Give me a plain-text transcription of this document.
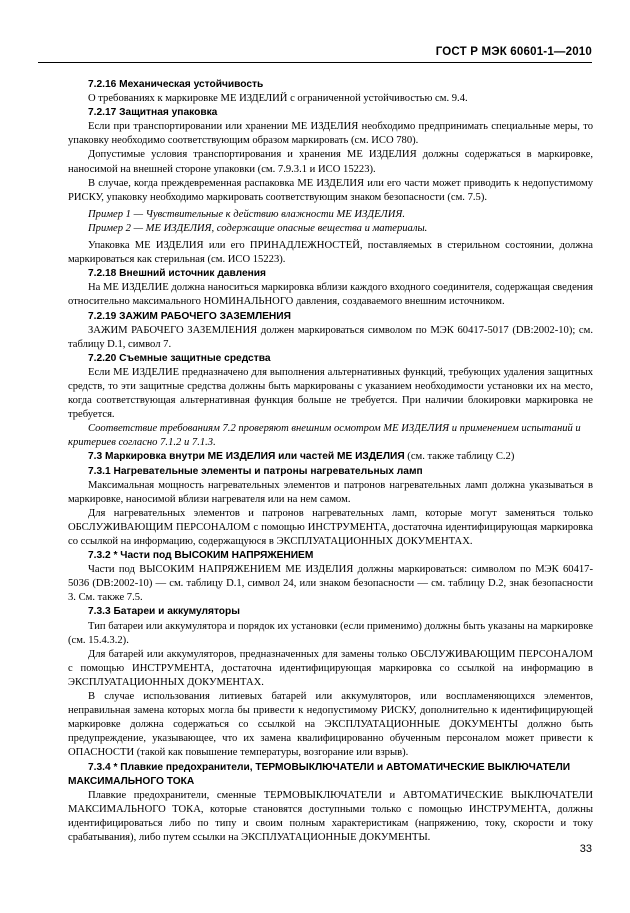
ГОСТ Р МЭК 60601-1—2010

7.2.16 Механическая устойчивость

О требованиях к маркировке МЕ ИЗДЕЛИЙ с ограниченной устойчивостью см. 9.4.

7.2.17 Защитная упаковка

Если при транспортировании или хранении МЕ ИЗДЕЛИЯ необходимо предпринимать специальные меры, то упаковку необходимо соответствующим образом маркировать (см. ИСО 780).

Допустимые условия транспортирования и хранения МЕ ИЗДЕЛИЯ должны содержаться в маркировке, наносимой на внешней стороне упаковки (см. 7.9.3.1 и ИСО 15223).

В случае, когда преждевременная распаковка МЕ ИЗДЕЛИЯ или его части может приводить к недопустимому РИСКУ, упаковку необходимо маркировать соответствующим знаком безопасности (см. 7.5).

Пример 1 — Чувствительные к действию влажности МЕ ИЗДЕЛИЯ.

Пример 2 — МЕ ИЗДЕЛИЯ, содержащие опасные вещества и материалы.

Упаковка МЕ ИЗДЕЛИЯ или его ПРИНАДЛЕЖНОСТЕЙ, поставляемых в стерильном состоянии, должна маркироваться как стерильная (см. ИСО 15223).

7.2.18 Внешний источник давления

На МЕ ИЗДЕЛИЕ должна наноситься маркировка вблизи каждого входного соединителя, содержащая сведения относительно максимального НОМИНАЛЬНОГО давления, создаваемого внешним источником.

7.2.19 ЗАЖИМ РАБОЧЕГО ЗАЗЕМЛЕНИЯ

ЗАЖИМ РАБОЧЕГО ЗАЗЕМЛЕНИЯ должен маркироваться символом по МЭК 60417-5017 (DB:2002-10); см. таблицу D.1, символ 7.

7.2.20 Съемные защитные средства

Если МЕ ИЗДЕЛИЕ предназначено для выполнения альтернативных функций, требующих удаления защитных средств, то эти защитные средства должны быть маркированы с указанием необходимости установки их на место, когда соответствующая альтернативная функция больше не требуется. При наличии блокировки маркировка не требуется.

Соответствие требованиям 7.2 проверяют внешним осмотром МЕ ИЗДЕЛИЯ и применением испытаний и критериев согласно 7.1.2 и 7.1.3.

7.3 Маркировка внутри МЕ ИЗДЕЛИЯ или частей МЕ ИЗДЕЛИЯ (см. также таблицу С.2)

7.3.1 Нагревательные элементы и патроны нагревательных ламп

Максимальная мощность нагревательных элементов и патронов нагревательных ламп должна указываться в маркировке, наносимой вблизи нагревателя или на нем самом.

Для нагревательных элементов и патронов нагревательных ламп, которые могут заменяться только ОБСЛУЖИВАЮЩИМ ПЕРСОНАЛОМ с помощью ИНСТРУМЕНТА, достаточна идентифицирующая маркировка со ссылкой на информацию, содержащуюся в ЭКСПЛУАТАЦИОННЫХ ДОКУМЕНТАХ.

7.3.2 * Части под ВЫСОКИМ НАПРЯЖЕНИЕМ

Части под ВЫСОКИМ НАПРЯЖЕНИЕМ МЕ ИЗДЕЛИЯ должны маркироваться: символом по МЭК 60417-5036 (DB:2002-10) — см. таблицу D.1, символ 24, или знаком безопасности — см. таблицу D.2, знак безопасности 3. См. также 7.5.

7.3.3 Батареи и аккумуляторы

Тип батареи или аккумулятора и порядок их установки (если применимо) должны быть указаны на маркировке (см. 15.4.3.2).

Для батарей или аккумуляторов, предназначенных для замены только ОБСЛУЖИВАЮЩИМ ПЕРСОНАЛОМ с помощью ИНСТРУМЕНТА, достаточна идентифицирующая маркировка со ссылкой на информацию в ЭКСПЛУАТАЦИОННЫХ ДОКУМЕНТАХ.

В случае использования литиевых батарей или аккумуляторов, или воспламеняющихся элементов, неправильная замена которых могла бы привести к недопустимому РИСКУ, дополнительно к идентифицирующей маркировке должна содержаться со ссылкой на ЭКСПЛУАТАЦИОННЫЕ ДОКУМЕНТЫ должно быть предупреждение, указывающее, что их замена квалифицированно обученным персоналом может привести к ОПАСНОСТИ (такой как повышение температуры, возгорание или взрыв).

7.3.4 * Плавкие предохранители, ТЕРМОВЫКЛЮЧАТЕЛИ и АВТОМАТИЧЕСКИЕ ВЫКЛЮЧАТЕЛИ МАКСИМАЛЬНОГО ТОКА

Плавкие предохранители, сменные ТЕРМОВЫКЛЮЧАТЕЛИ и АВТОМАТИЧЕСКИЕ ВЫКЛЮЧАТЕЛИ МАКСИМАЛЬНОГО ТОКА, которые становятся доступными только с помощью ИНСТРУМЕНТА, должны идентифицироваться либо по типу и своим полным характеристикам (напряжению, току, скорости и току срабатывания), либо путем ссылки на ЭКСПЛУАТАЦИОННЫЕ ДОКУМЕНТЫ.

33
